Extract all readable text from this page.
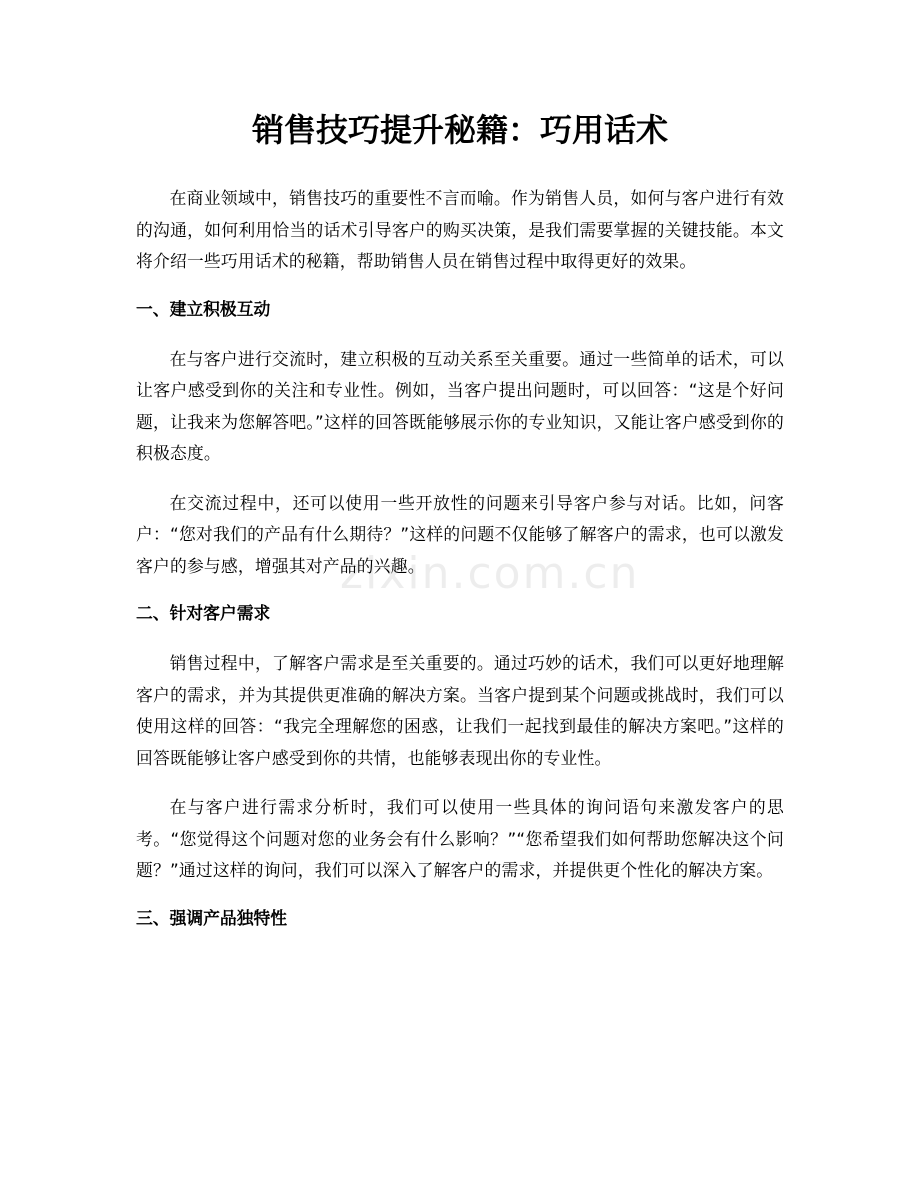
销售技巧提升秘籍：巧用话术

在商业领域中，销售技巧的重要性不言而喻。作为销售人员，如何与客户进行有效的沟通，如何利用恰当的话术引导客户的购买决策，是我们需要掌握的关键技能。本文将介绍一些巧用话术的秘籍，帮助销售人员在销售过程中取得更好的效果。

一、建立积极互动

在与客户进行交流时，建立积极的互动关系至关重要。通过一些简单的话术，可以让客户感受到你的关注和专业性。例如，当客户提出问题时，可以回答：“这是个好问题，让我来为您解答吧。”这样的回答既能够展示你的专业知识，又能让客户感受到你的积极态度。

在交流过程中，还可以使用一些开放性的问题来引导客户参与对话。比如，问客户：“您对我们的产品有什么期待？”这样的问题不仅能够了解客户的需求，也可以激发客户的参与感，增强其对产品的兴趣。

二、针对客户需求

销售过程中，了解客户需求是至关重要的。通过巧妙的话术，我们可以更好地理解客户的需求，并为其提供更准确的解决方案。当客户提到某个问题或挑战时，我们可以使用这样的回答：“我完全理解您的困惑，让我们一起找到最佳的解决方案吧。”这样的回答既能够让客户感受到你的共情，也能够表现出你的专业性。

在与客户进行需求分析时，我们可以使用一些具体的询问语句来激发客户的思考。“您觉得这个问题对您的业务会有什么影响？”“您希望我们如何帮助您解决这个问题？”通过这样的询问，我们可以深入了解客户的需求，并提供更个性化的解决方案。

三、强调产品独特性
zixin.com.cn
